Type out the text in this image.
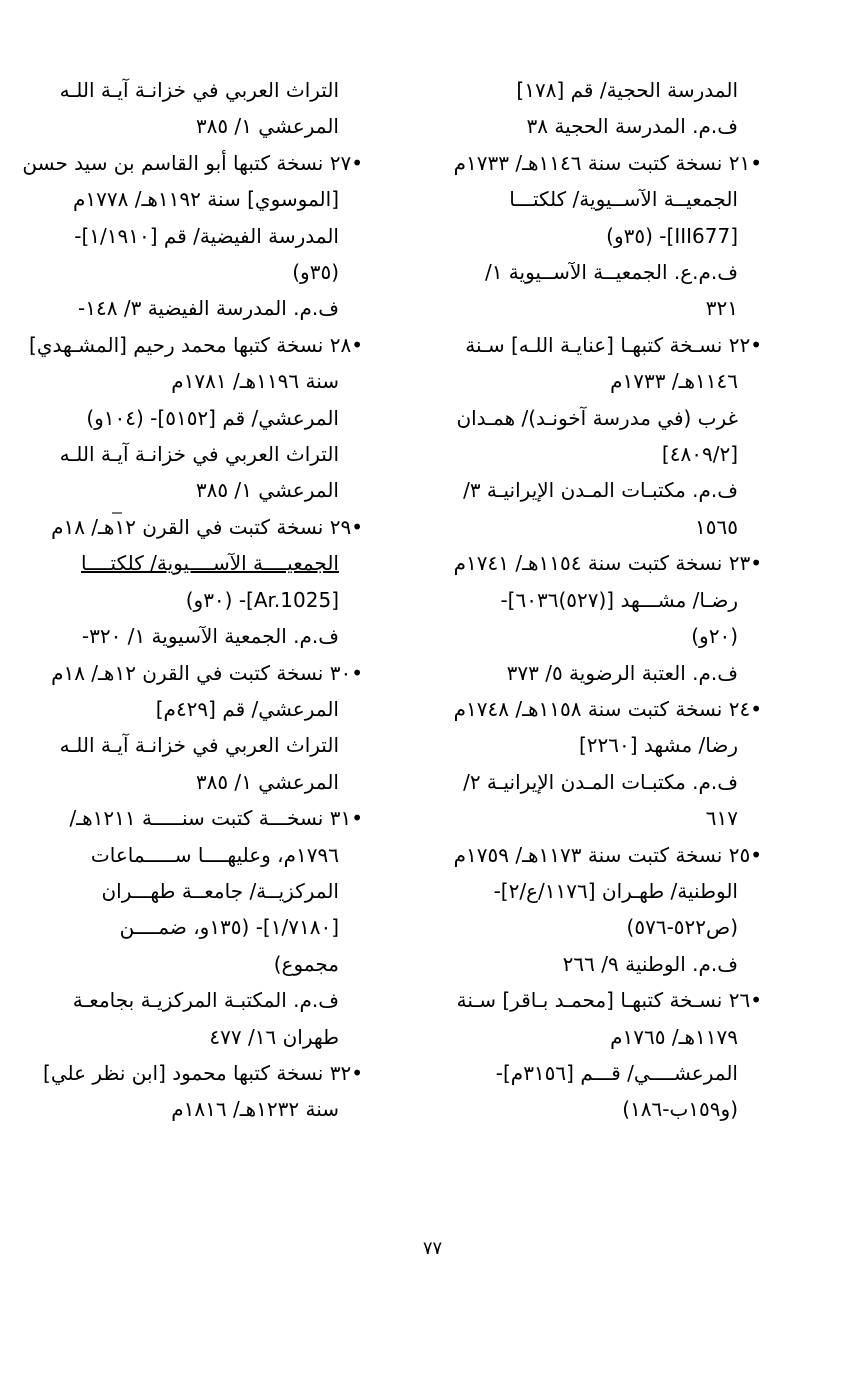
المدرسة الحجية/ قم [١٧٨]
ف.م. المدرسة الحجية ٣٨
•٢١ نسخة كتبت سنة ١١٤٦هـ/ ١٧٣٣م
الجمعيــة الآســيوية/ كلكتـــا
[III677]- (٣٥و)
ف.م.ع. الجمعيــة الآســيوية ١/
٣٢١
•٢٢ نسـخة كتبهـا [عنايـة اللـه] سـنة
١١٤٦هـ/ ١٧٣٣م
غرب (في مدرسة آخونـد)/ همـدان
[٤٨٠٩/٢]
ف.م. مكتبـات المـدن الإيرانيـة ٣/
١٥٦٥
•٢٣ نسخة كتبت سنة ١١٥٤هـ/ ١٧٤١م
رضـا/ مشـــهد [(٥٢٧)٦٠٣٦]-
(٢٠و)
ف.م. العتبة الرضوية ٥/ ٣٧٣
•٢٤ نسخة كتبت سنة ١١٥٨هـ/ ١٧٤٨م
رضا/ مشهد [٢٢٦٠]
ف.م. مكتبـات المـدن الإيرانيـة ٢/
٦١٧
•٢٥ نسخة كتبت سنة ١١٧٣هـ/ ١٧٥٩م
الوطنية/ طهـران [١١٧٦/ع/٢]-
(ص٥٢٢-٥٧٦)
ف.م. الوطنية ٩/ ٢٦٦
•٢٦ نسـخة كتبهـا [محمـد بـاقر] سـنة
١١٧٩هـ/ ١٧٦٥م
المرعشــــي/ قـــم [٣١٥٦م]-
(و١٥٩ب-١٨٦)
التراث العربي في خزانـة آيـة اللـه
المرعشي ١/ ٣٨٥
•٢٧ نسخة كتبها أبو القاسم بن سيد حسن
[الموسوي] سنة ١١٩٢هـ/ ١٧٧٨م
المدرسة الفيضية/ قم [١/١٩١٠]-
(٣٥و)
ف.م. المدرسة الفيضية ٣/ ١٤٨-
•٢٨ نسخة كتبها محمد رحيم [المشـهدي]
سنة ١١٩٦هـ/ ١٧٨١م
المرعشي/ قم [٥١٥٢]- (١٠٤و)
التراث العربي في خزانـة آيـة اللـه
المرعشي ١/ ٣٨٥
•٢٩ نسخة كتبت في القرن ١٢هـ/ ١٨م
الجمعيــــة الآســــيوية/ كلكتــــا
[Ar.1025]- (٣٠و)
ف.م. الجمعية الآسيوية ١/ ٣٢٠-
•٣٠ نسخة كتبت في القرن ١٢هـ/ ١٨م
المرعشي/ قم [٤٢٩م]
التراث العربي في خزانـة آيـة اللـه
المرعشي ١/ ٣٨٥
•٣١ نسخـــة كتبت سنـــــة ١٢١١هـ/
١٧٩٦م، وعليهــــا ســـــماعات
المركزيــة/ جامعــة طهـــران
[١/٧١٨٠]- (١٣٥و، ضمــــن
مجموع)
ف.م. المكتبـة المركزيـة بجامعـة
طهران ١٦/ ٤٧٧
•٣٢ نسخة كتبها محمود [ابن نظر علي]
سنة ١٢٣٢هـ/ ١٨١٦م
٧٧
